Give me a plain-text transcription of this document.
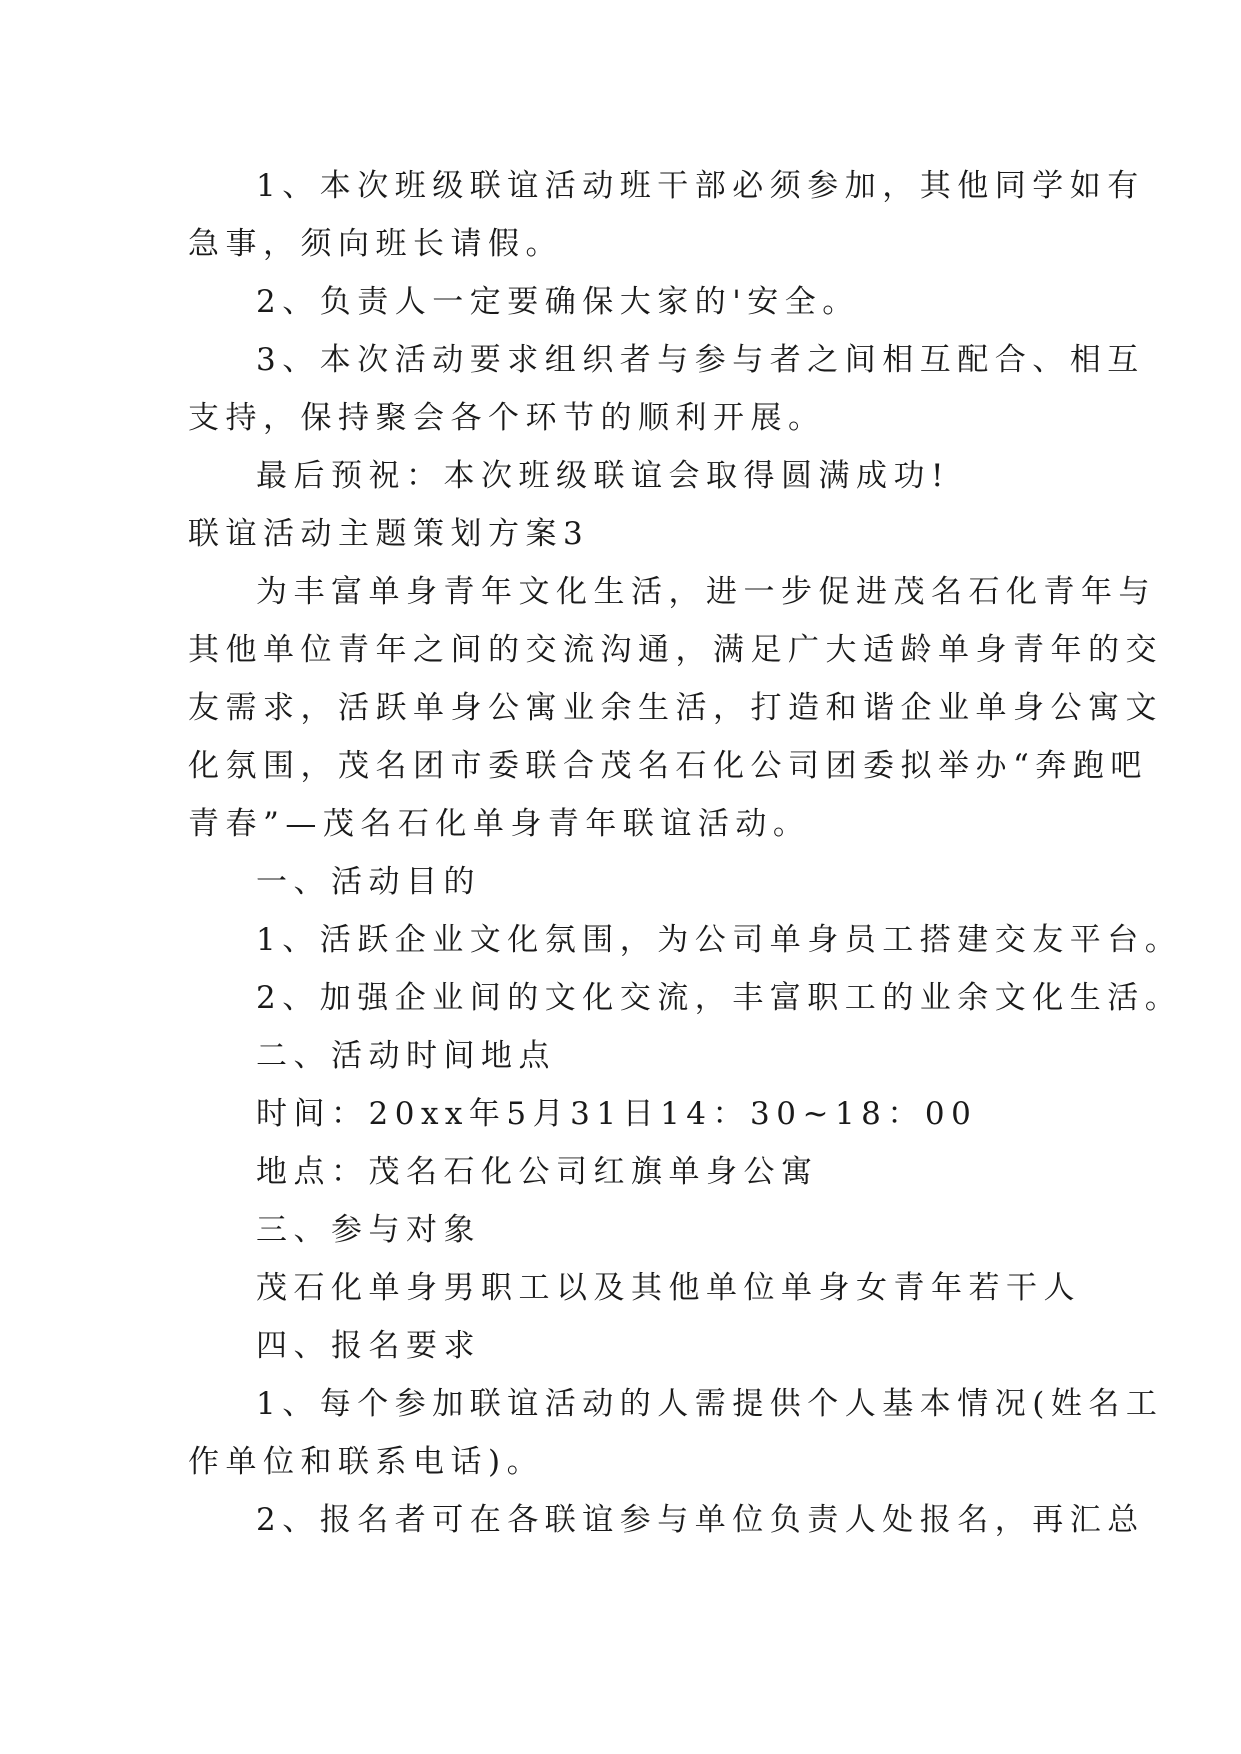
1、本次班级联谊活动班干部必须参加，其他同学如有
急事，须向班长请假。
2、负责人一定要确保大家的'安全。
3、本次活动要求组织者与参与者之间相互配合、相互
支持，保持聚会各个环节的顺利开展。
最后预祝：本次班级联谊会取得圆满成功!
联谊活动主题策划方案3
为丰富单身青年文化生活，进一步促进茂名石化青年与
其他单位青年之间的交流沟通，满足广大适龄单身青年的交
友需求，活跃单身公寓业余生活，打造和谐企业单身公寓文
化氛围，茂名团市委联合茂名石化公司团委拟举办“奔跑吧
青春”—茂名石化单身青年联谊活动。
一、活动目的
1、活跃企业文化氛围，为公司单身员工搭建交友平台。
2、加强企业间的文化交流，丰富职工的业余文化生活。
二、活动时间地点
时间：20xx年5月31日14：30~18：00
地点：茂名石化公司红旗单身公寓
三、参与对象
茂石化单身男职工以及其他单位单身女青年若干人
四、报名要求
1、每个参加联谊活动的人需提供个人基本情况(姓名工
作单位和联系电话)。
2、报名者可在各联谊参与单位负责人处报名，再汇总
